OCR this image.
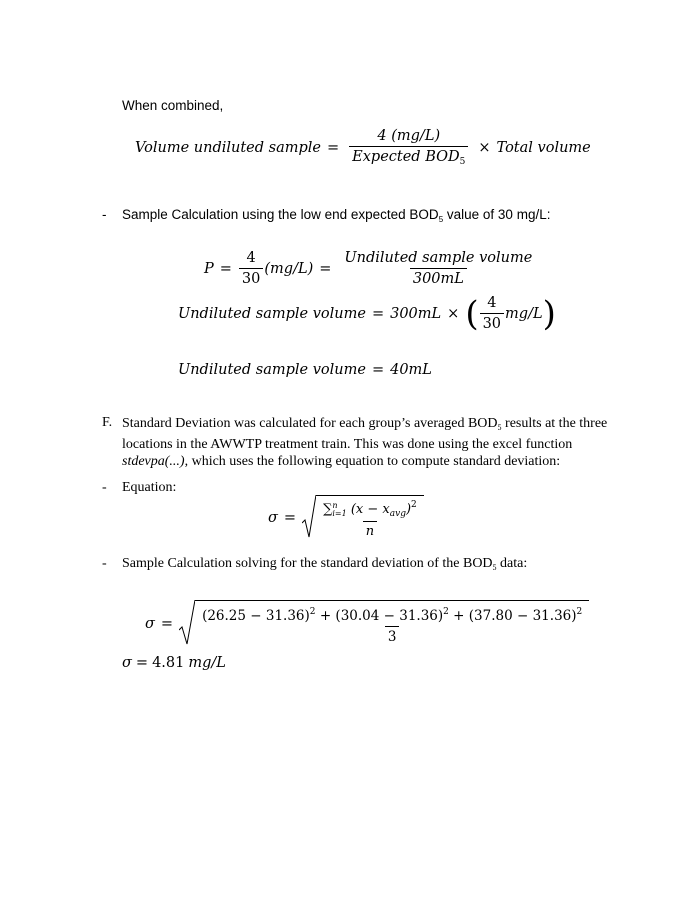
When combined,
Volume undiluted sample = $\frac{4 (mg/L)}{Expected BOD_5}$ × Total volume
- Sample Calculation using the low end expected $BOD_5$ value of 30 mg/L:
$P = \frac{4}{30} (mg/L) = \frac{\text{Undiluted sample volume}}{300mL}$
Undiluted sample volume = 300mL × ( $\frac{4}{30} mg/L$ )
Undiluted sample volume = 40mL
F. Standard Deviation was calculated for each group’s averaged $BOD_5$ results at the three
locations in the AWWTP treatment train. This was done using the excel function
stdevpa(...), which uses the following equation to compute standard deviation:
- Equation:
σ = ∑ n
i=1 $(x - x_{avg})^2$
n
- Sample Calculation solving for the standard deviation of the $BOD_5$ data:
$\sigma = \frac{(26.25 - 31.36)^2 + (30.04 - 31.36)^2 + (37.80 - 31.36)^2}{3}$
σ = 4.81 mg/L
